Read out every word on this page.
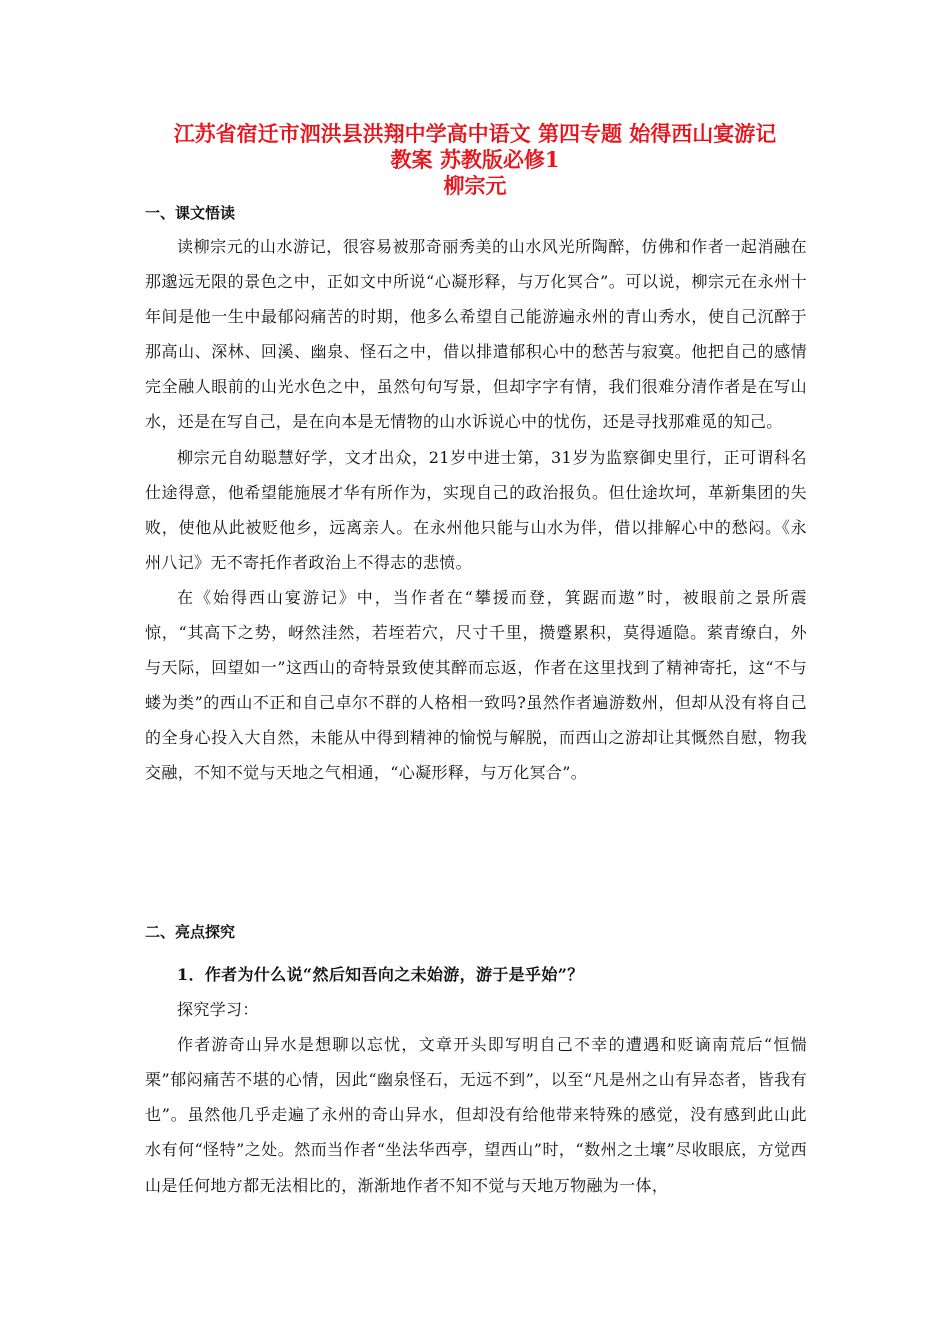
江苏省宿迁市泗洪县洪翔中学高中语文 第四专题 始得西山宴游记
教案 苏教版必修1
柳宗元
一、课文悟读

读柳宗元的山水游记，很容易被那奇丽秀美的山水风光所陶醉，仿佛和作者一起消融在那邈远无限的景色之中，正如文中所说“心凝形释，与万化冥合”。可以说，柳宗元在永州十年间是他一生中最郁闷痛苦的时期，他多么希望自己能游遍永州的青山秀水，使自己沉醉于那高山、深林、回溪、幽泉、怪石之中，借以排遣郁积心中的愁苦与寂寞。他把自己的感情完全融人眼前的山光水色之中，虽然句句写景，但却字字有情，我们很难分清作者是在写山水，还是在写自己，是在向本是无情物的山水诉说心中的忧伤，还是寻找那难觅的知己。

柳宗元自幼聪慧好学，文才出众，21岁中进士第，31岁为监察御史里行，正可谓科名仕途得意，他希望能施展才华有所作为，实现自己的政治报负。但仕途坎坷，革新集团的失败，使他从此被贬他乡，远离亲人。在永州他只能与山水为伴，借以排解心中的愁闷。《永州八记》无不寄托作者政治上不得志的悲愤。

在《始得西山宴游记》中，当作者在“攀援而登，箕踞而遨”时，被眼前之景所震惊，“其高下之势，岈然洼然，若垤若穴，尺寸千里，攒蹙累积，莫得遁隐。萦青缭白，外与天际，回望如一”这西山的奇特景致使其醉而忘返，作者在这里找到了精神寄托，这“不与蝼为类”的西山不正和自己卓尔不群的人格相一致吗?虽然作者遍游数州，但却从没有将自己的全身心投入大自然，未能从中得到精神的愉悦与解脱，而西山之游却让其慨然自慰，物我交融，不知不觉与天地之气相通，“心凝形释，与万化冥合”。

二、亮点探究

1．作者为什么说“然后知吾向之未始游，游于是乎始”？

探究学习：

作者游奇山异水是想聊以忘忧，文章开头即写明自己不幸的遭遇和贬谪南荒后“恒惴栗”郁闷痛苦不堪的心情，因此“幽泉怪石，无远不到”，以至“凡是州之山有异态者，皆我有也”。虽然他几乎走遍了永州的奇山异水，但却没有给他带来特殊的感觉，没有感到此山此水有何“怪特”之处。然而当作者“坐法华西亭，望西山”时，“数州之土壤”尽收眼底，方觉西山是任何地方都无法相比的，渐渐地作者不知不觉与天地万物融为一体，
